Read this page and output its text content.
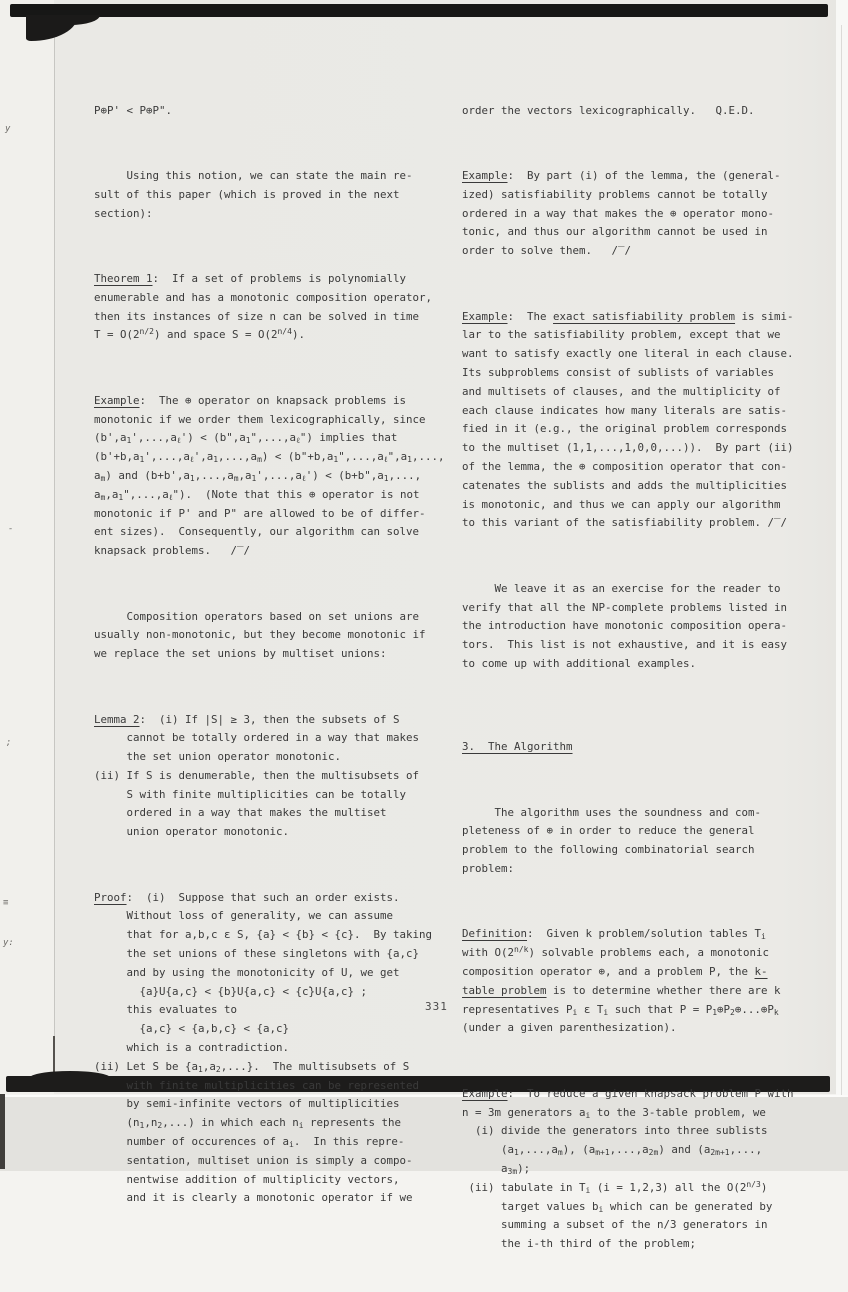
y
-
;
≡
y:

P⊕P' < P⊕P".

Using this notion, we can state the main re-
sult of this paper (which is proved in the next
section):

Theorem 1:  If a set of problems is polynomially
enumerable and has a monotonic composition operator,
then its instances of size n can be solved in time
$T = O(2^{n/2})$ and space $S = O(2^{n/4})$.

Example:  The ⊕ operator on knapsack problems is
monotonic if we order them lexicographically, since
$(b',a_1',...,a_\ell')$ < $(b",a_1",...,a_\ell")$ implies that
$(b'+b,a_1',...,a_\ell',a_1,...,a_m)$ < ($b"+b,a_1",...,a_\ell",a_1$,...,
$a_m$) and $(b+b',a_1,...,a_m,a_1',...,a_\ell')$ < ($b+b",a_1$,...,
$a_m,a_1",...,a_\ell$").  (Note that this ⊕ operator is not
monotonic if P' and P" are allowed to be of differ-
ent sizes).  Consequently, our algorithm can solve
knapsack problems.   /‾/

Composition operators based on set unions are
usually non-monotonic, but they become monotonic if
we replace the set unions by multiset unions:

Lemma 2:  (i) If |S| ≥ 3, then the subsets of S
cannot be totally ordered in a way that makes
the set union operator monotonic.
(ii) If S is denumerable, then the multisubsets of
S with finite multiplicities can be totally
ordered in a way that makes the multiset
union operator monotonic.

Proof:  (i)  Suppose that such an order exists.
Without loss of generality, we can assume
that for a,b,c ε S, {a} < {b} < {c}.  By taking
the set unions of these singletons with {a,c}
and by using the monotonicity of U, we get
{a}U{a,c} < {b}U{a,c} < {c}U{a,c} ;
this evaluates to
{a,c} < {a,b,c} < {a,c}
which is a contradiction.
(ii) Let S be $\{a_1,a_2,...\}$.  The multisubsets of S
with finite multiplicities can be represented
by semi-infinite vectors of multiplicities
$(n_1,n_2,...)$ in which each $n_i$ represents the
number of occurences of $a_i$.  In this repre-
sentation, multiset union is simply a compo-
nentwise addition of multiplicity vectors,
and it is clearly a monotonic operator if we

order the vectors lexicographically.   Q.E.D.

Example:  By part (i) of the lemma, the (general-
ized) satisfiability problems cannot be totally
ordered in a way that makes the ⊕ operator mono-
tonic, and thus our algorithm cannot be used in
order to solve them.   /‾/

Example:  The exact satisfiability problem is simi-
lar to the satisfiability problem, except that we
want to satisfy exactly one literal in each clause.
Its subproblems consist of sublists of variables
and multisets of clauses, and the multiplicity of
each clause indicates how many literals are satis-
fied in it (e.g., the original problem corresponds
to the multiset (1,1,...,1,0,0,...)).  By part (ii)
of the lemma, the ⊕ composition operator that con-
catenates the sublists and adds the multiplicities
is monotonic, and thus we can apply our algorithm
to this variant of the satisfiability problem. /‾/

We leave it as an exercise for the reader to
verify that all the NP-complete problems listed in
the introduction have monotonic composition opera-
tors.  This list is not exhaustive, and it is easy
to come up with additional examples.

3.  The Algorithm

The algorithm uses the soundness and com-
pleteness of ⊕ in order to reduce the general
problem to the following combinatorial search
problem:

Definition:  Given k problem/solution tables $T_i$
with $O(2^{n/k})$ solvable problems each, a monotonic
composition operator ⊕, and a problem P, the k-
table problem is to determine whether there are k
representatives $P_i$ ε $T_i$ such that $P = P_1\oplus P_2\oplus...\oplus P_k$
(under a given parenthesization).

Example:  To reduce a given knapsack problem P with
n = 3m generators $a_i$ to the 3-table problem, we
(i) divide the generators into three sublists
$(a_1,...,a_m)$, $(a_{m+1},...,a_{2m})$ and ($a_{2m+1}$,...,
$a_{3m}$);
(ii) tabulate in $T_i$ (i = 1,2,3) all the $O(2^{n/3})$
target values $b_i$ which can be generated by
summing a subset of the n/3 generators in
the i-th third of the problem;

331
